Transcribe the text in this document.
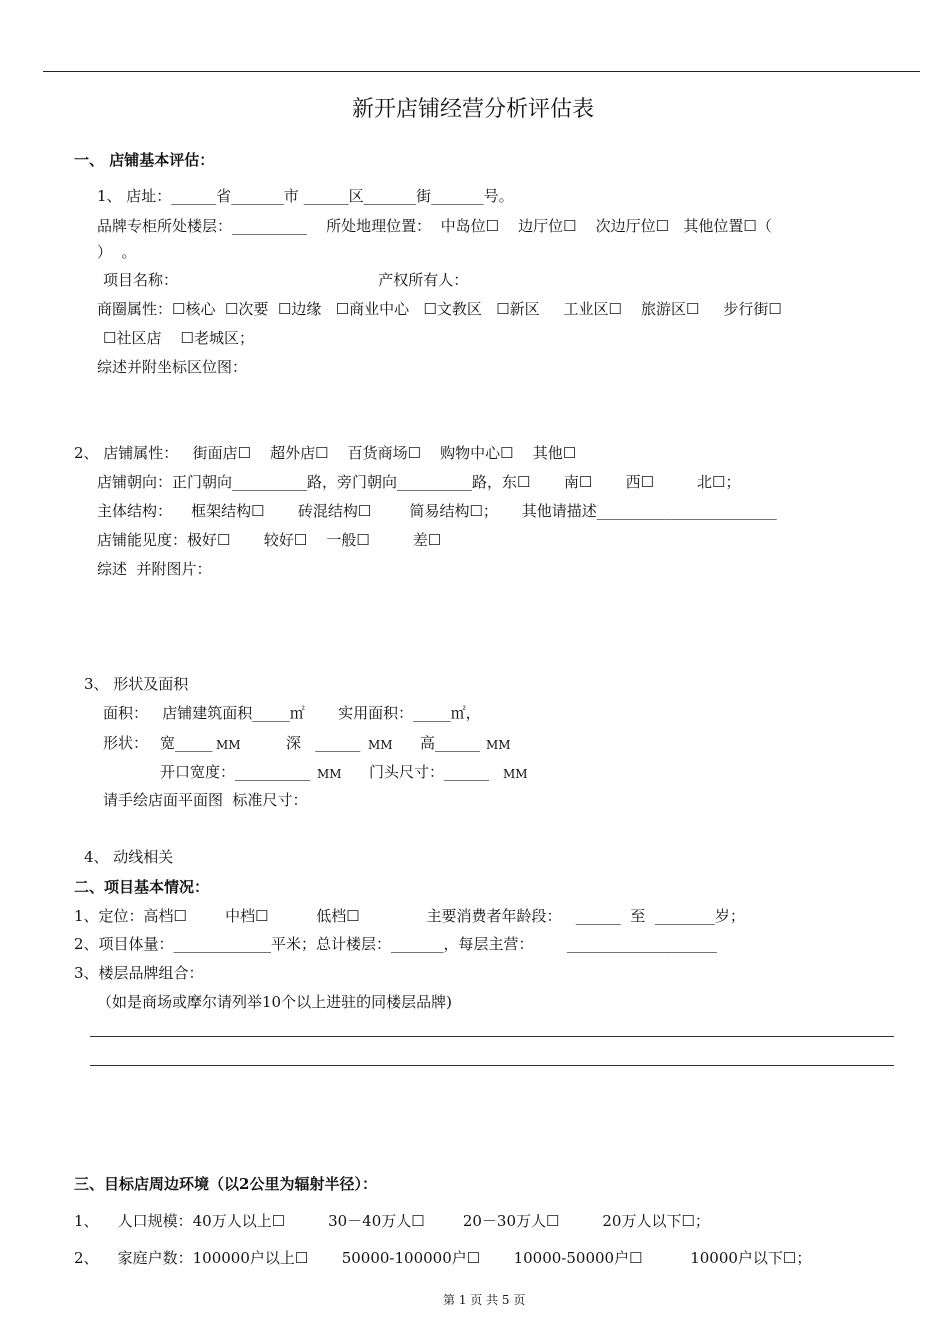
新开店铺经营分析评估表
一、 店铺基本评估：
1、 店址：______省_______市 ______区_______街_______号。
品牌专柜所处楼层：__________    所处地理位置：  中岛位☐    边厅位☐    次边厅位☐   其他位置☐（
）  。
项目名称：                                          产权所有人：
商圈属性：☐核心  ☐次要  ☐边缘   ☐商业中心   ☐文教区   ☐新区     工业区☐    旅游区☐     步行街☐
☐社区店    ☐老城区；
综述并附坐标区位图：
2、 店铺属性：   街面店☐    超外店☐    百货商场☐    购物中心☐    其他☐
店铺朝向：正门朝向__________路，旁门朝向__________路，东☐       南☐       西☐         北☐；
主体结构：    框架结构☐       砖混结构☐        简易结构☐；     其他请描述________________________
店铺能见度：极好☐       较好☐    一般☐         差☐
综述  并附图片：
3、 形状及面积
面积：   店铺建筑面积_____㎡       实用面积：_____㎡，
形状： 宽_____ MM	深   ______ MM 高______ MM
开口宽度：__________ MM 门头尺寸：______ MM
请手绘店面平面图  标准尺寸：
4、 动线相关
二、项目基本情况：
1、定位：高档☐        中档☐          低档☐              主要消费者年龄段：   ______  至  ________岁；
2、项目体量：_____________平米；总计楼层：_______，每层主营：       ____________________
3、楼层品牌组合：
（如是商场或摩尔请列举10个以上进驻的同楼层品牌)
三、目标店周边环境（以2公里为辐射半径）：
1、    人口规模：40万人以上☐         30－40万人☐        20－30万人☐         20万人以下☐；
2、    家庭户数：100000户以上☐       50000-100000户☐       10000-50000户☐          10000户以下☐；
第 1 页 共 5 页
